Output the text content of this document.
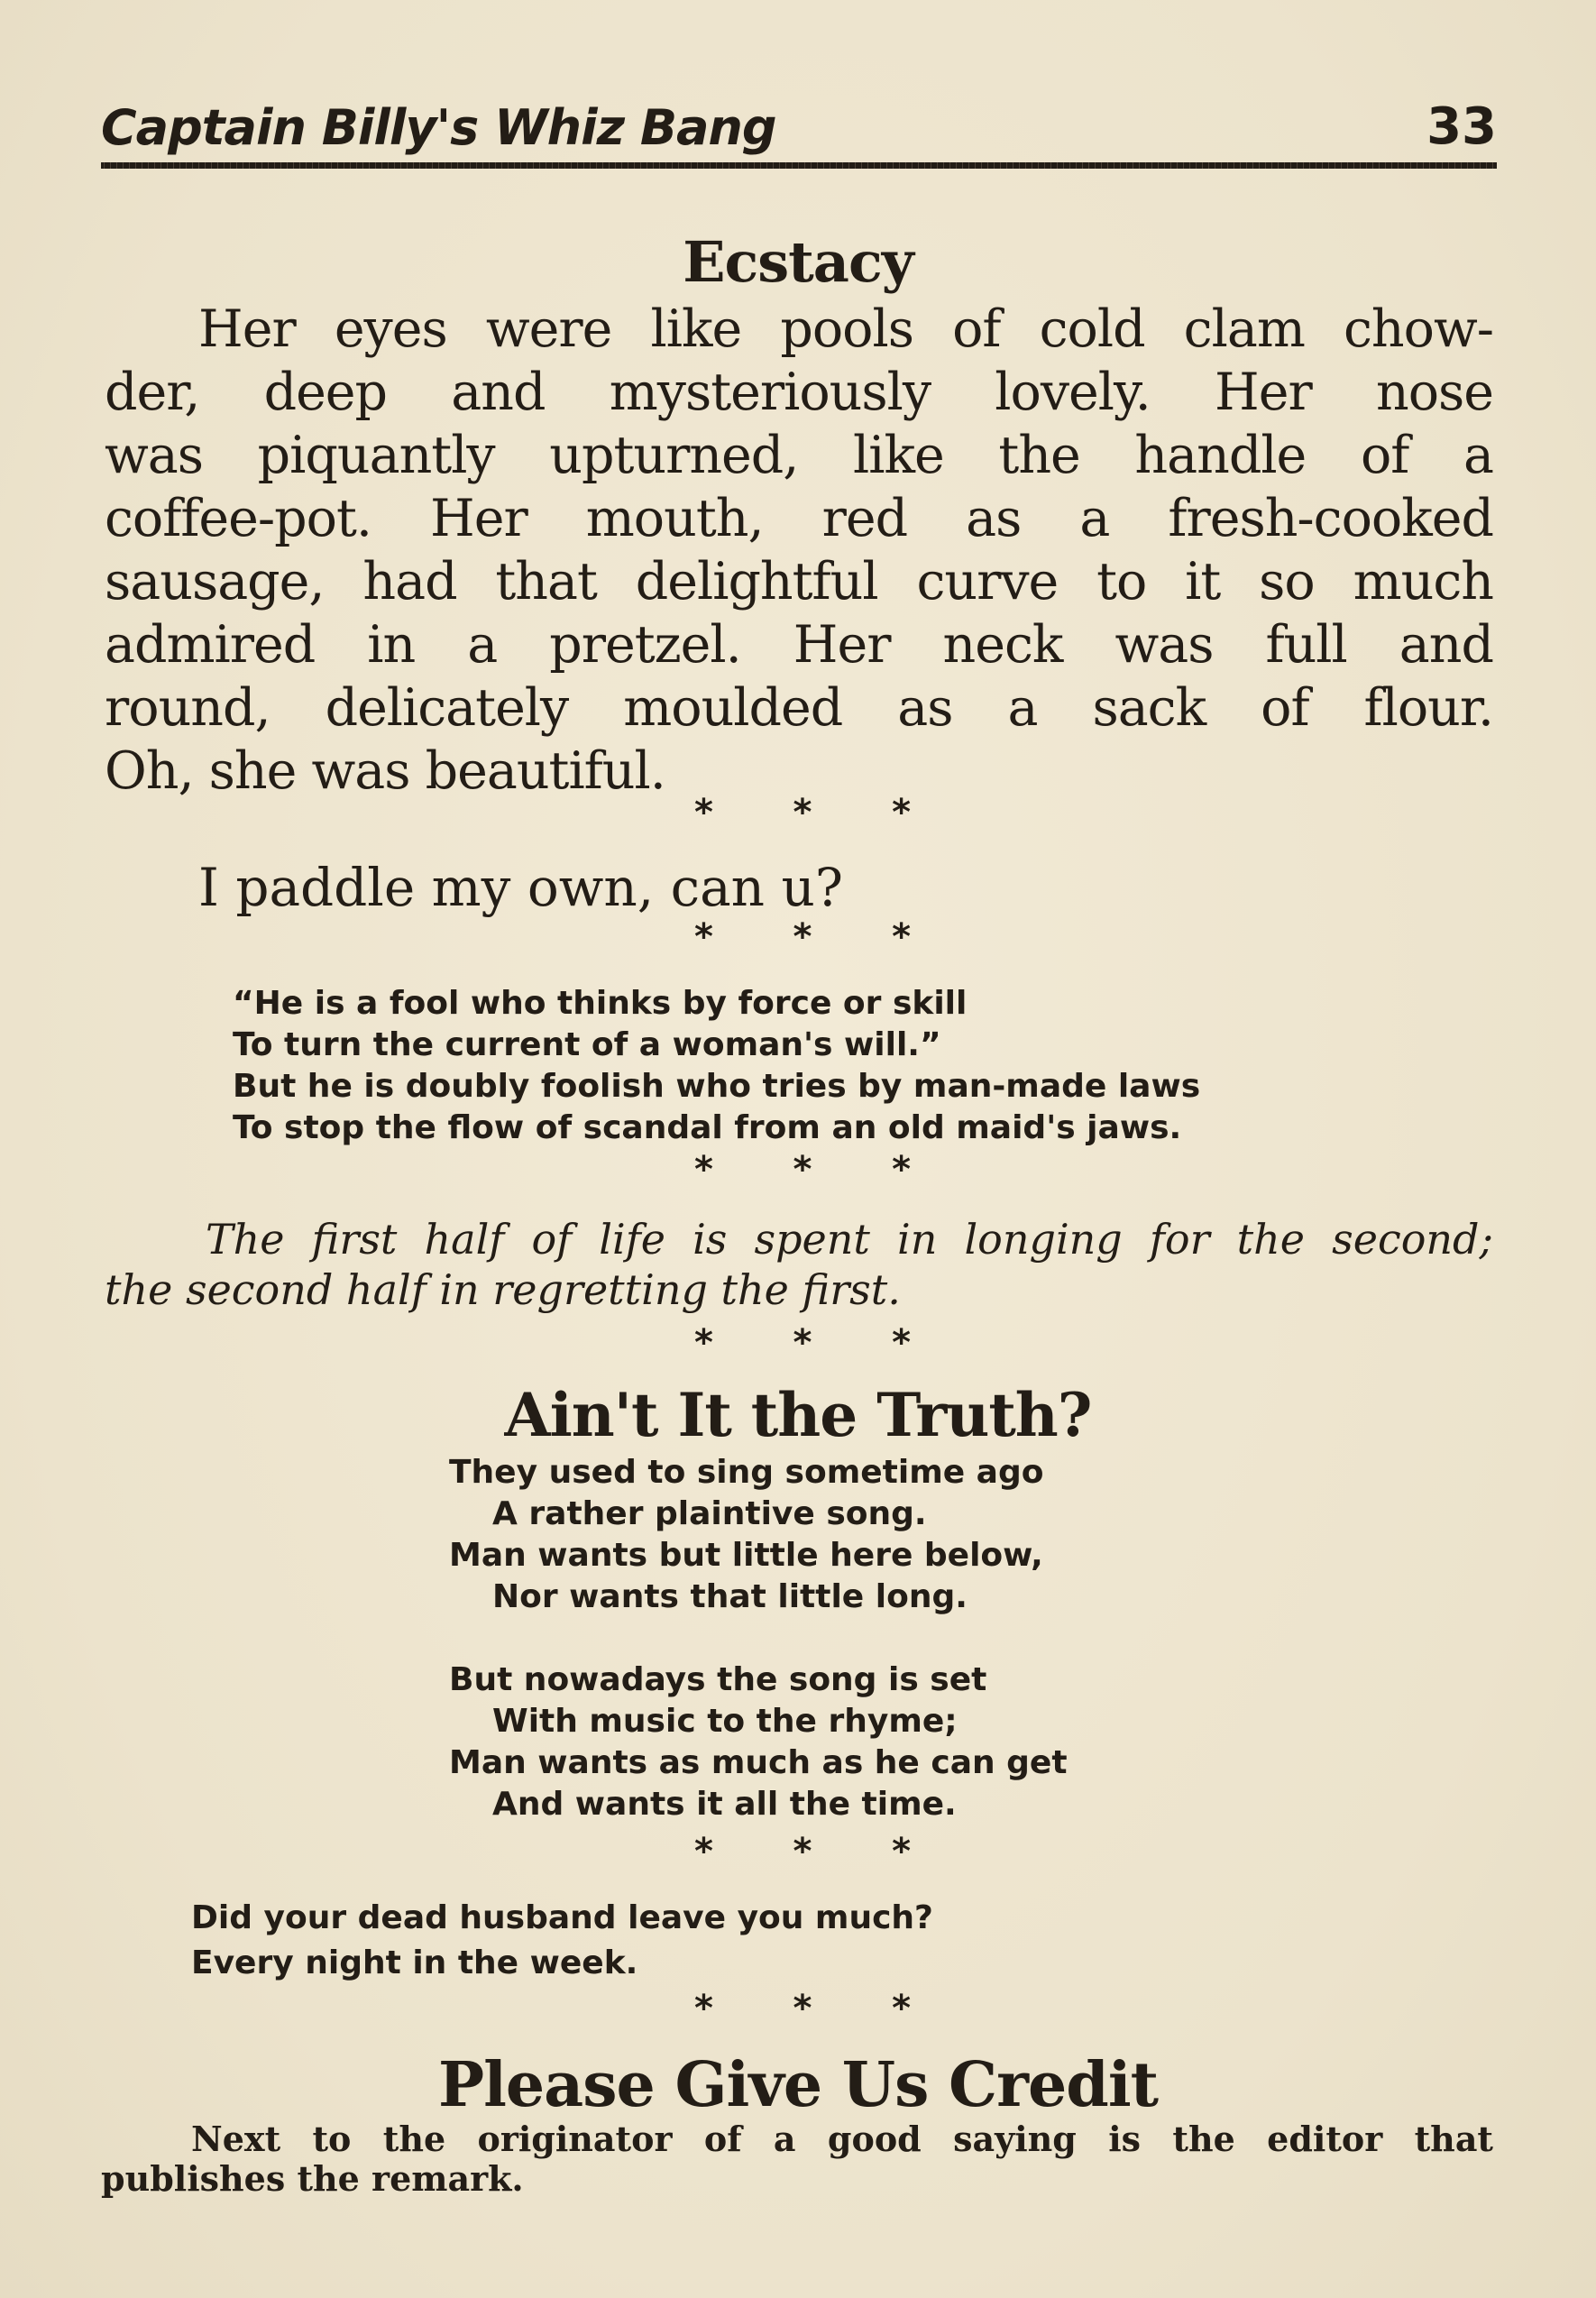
Captain Billy's Whiz Bang	33
Ecstacy
Her eyes were like pools of cold clam chow-
der, deep and mysteriously lovely. Her nose
was piquantly upturned, like the handle of a
coffee-pot. Her mouth, red as a fresh-cooked
sausage, had that delightful curve to it so much
admired in a pretzel. Her neck was full and
round, delicately moulded as a sack of flour.
Oh, she was beautiful.
* * *
I paddle my own, can u?
* * *
“He is a fool who thinks by force or skill
To turn the current of a woman's will.”
But he is doubly foolish who tries by man-made laws
To stop the flow of scandal from an old maid's jaws.
* * *
The first half of life is spent in longing for the second;
the second half in regretting the first.
* * *
Ain't It the Truth?
They used to sing sometime ago
A rather plaintive song.
Man wants but little here below,
Nor wants that little long.
But nowadays the song is set
With music to the rhyme;
Man wants as much as he can get
And wants it all the time.
* * *
Did your dead husband leave you much?
Every night in the week.
* * *
Please Give Us Credit
Next to the originator of a good saying is the editor that
publishes the remark.
